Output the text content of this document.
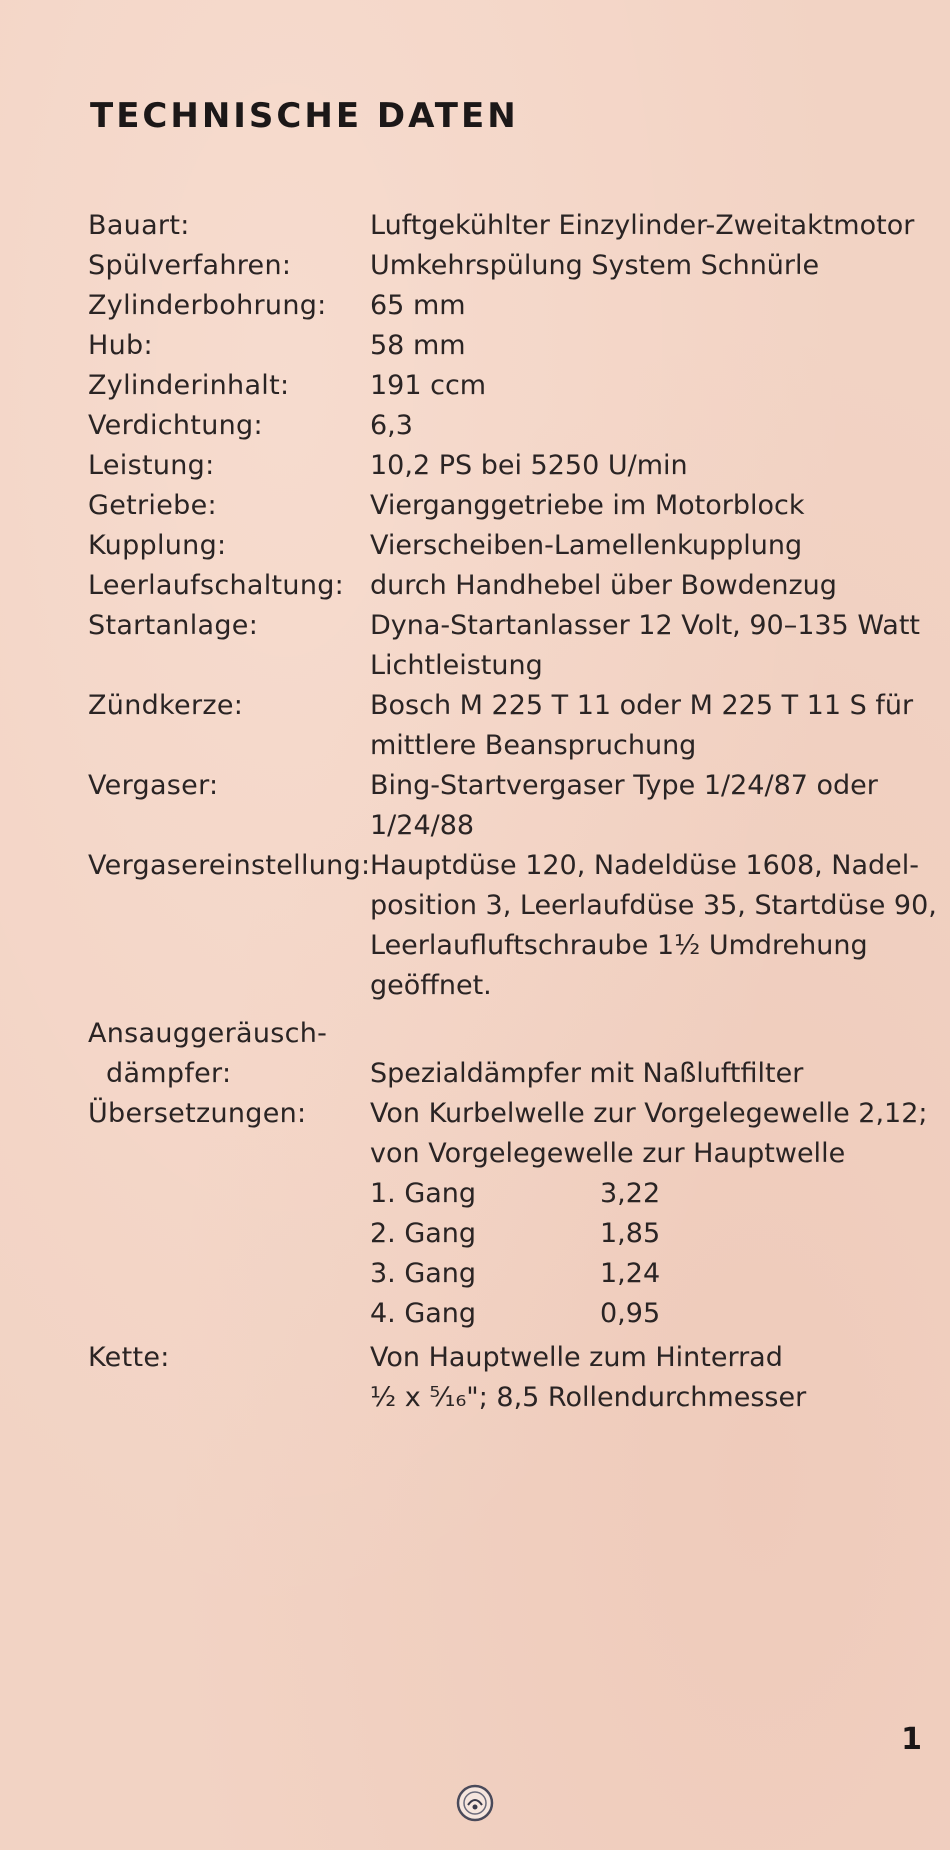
TECHNISCHE DATEN
Bauart:	Luftgekühlter Einzylinder-Zweitaktmotor
Spülverfahren:	Umkehrspülung System Schnürle
Zylinderbohrung:	65 mm
Hub:	58 mm
Zylinderinhalt:	191 ccm
Verdichtung:	6,3
Leistung:	10,2 PS bei 5250 U/min
Getriebe:	Vierganggetriebe im Motorblock
Kupplung:	Vierscheiben-Lamellenkupplung
Leerlaufschaltung: durch Handhebel über Bowdenzug
Startanlage:	Dyna-Startanlasser 12 Volt, 90–135 Watt
Lichtleistung
Zündkerze:	Bosch M 225 T 11 oder M 225 T 11 S für
mittlere Beanspruchung
Vergaser:	Bing-Startvergaser Type 1/24/87 oder
1/24/88
Vergasereinstellung: Hauptdüse 120, Nadeldüse 1608, Nadel-
position 3, Leerlaufdüse 35, Startdüse 90,
Leerlaufluftschraube 1½ Umdrehung
geöffnet.
Ansauggeräusch-
dämpfer:	Spezialdämpfer mit Naßluftfilter
Übersetzungen:	Von Kurbelwelle zur Vorgelegewelle 2,12;
von Vorgelegewelle zur Hauptwelle
1. Gang	3,22
2. Gang	1,85
3. Gang	1,24
4. Gang	0,95
Kette:	Von Hauptwelle zum Hinterrad
½ x ⁵⁄₁₆"; 8,5 Rollendurchmesser
1
